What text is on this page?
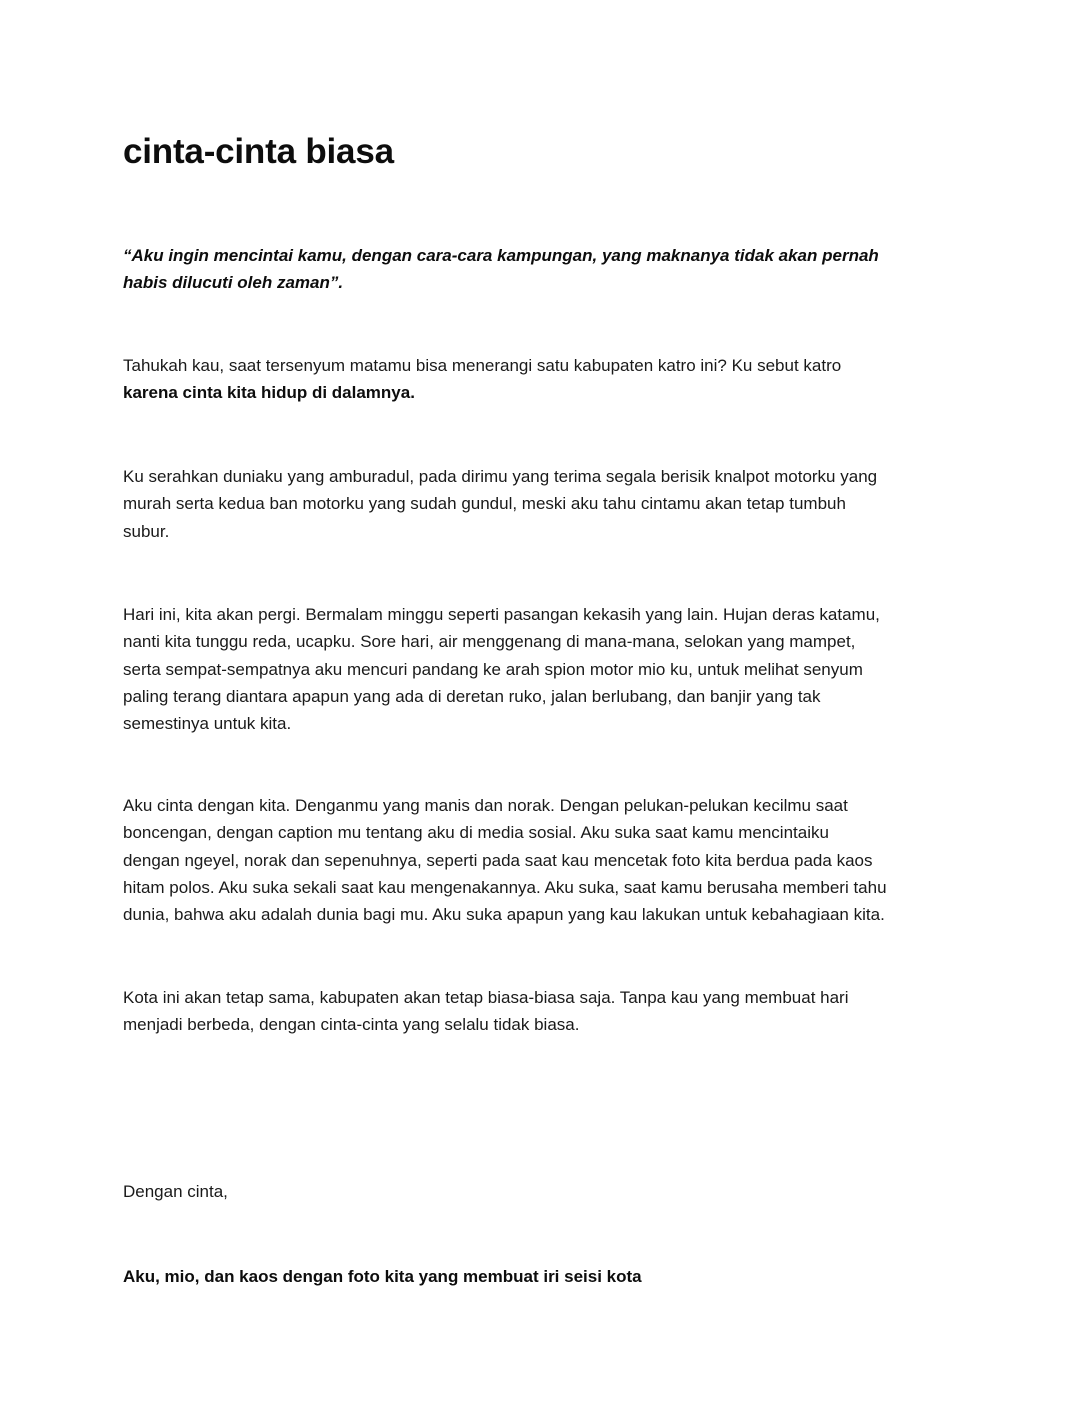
cinta-cinta biasa

“Aku ingin mencintai kamu, dengan cara-cara kampungan, yang maknanya tidak akan pernah
habis dilucuti oleh zaman”.

Tahukah kau, saat tersenyum matamu bisa menerangi satu kabupaten katro ini? Ku sebut katro
karena cinta kita hidup di dalamnya.

Ku serahkan duniaku yang amburadul, pada dirimu yang terima segala berisik knalpot motorku yang
murah serta kedua ban motorku yang sudah gundul, meski aku tahu cintamu akan tetap tumbuh
subur.

Hari ini, kita akan pergi. Bermalam minggu seperti pasangan kekasih yang lain. Hujan deras katamu,
nanti kita tunggu reda, ucapku. Sore hari, air menggenang di mana-mana, selokan yang mampet,
serta sempat-sempatnya aku mencuri pandang ke arah spion motor mio ku, untuk melihat senyum
paling terang diantara apapun yang ada di deretan ruko, jalan berlubang, dan banjir yang tak
semestinya untuk kita.

Aku cinta dengan kita. Denganmu yang manis dan norak. Dengan pelukan-pelukan kecilmu saat
boncengan, dengan caption mu tentang aku di media sosial. Aku suka saat kamu mencintaiku
dengan ngeyel, norak dan sepenuhnya, seperti pada saat kau mencetak foto kita berdua pada kaos
hitam polos. Aku suka sekali saat kau mengenakannya. Aku suka, saat kamu berusaha memberi tahu
dunia, bahwa aku adalah dunia bagi mu. Aku suka apapun yang kau lakukan untuk kebahagiaan kita.

Kota ini akan tetap sama, kabupaten akan tetap biasa-biasa saja. Tanpa kau yang membuat hari
menjadi berbeda, dengan cinta-cinta yang selalu tidak biasa.

Dengan cinta,

Aku, mio, dan kaos dengan foto kita yang membuat iri seisi kota
